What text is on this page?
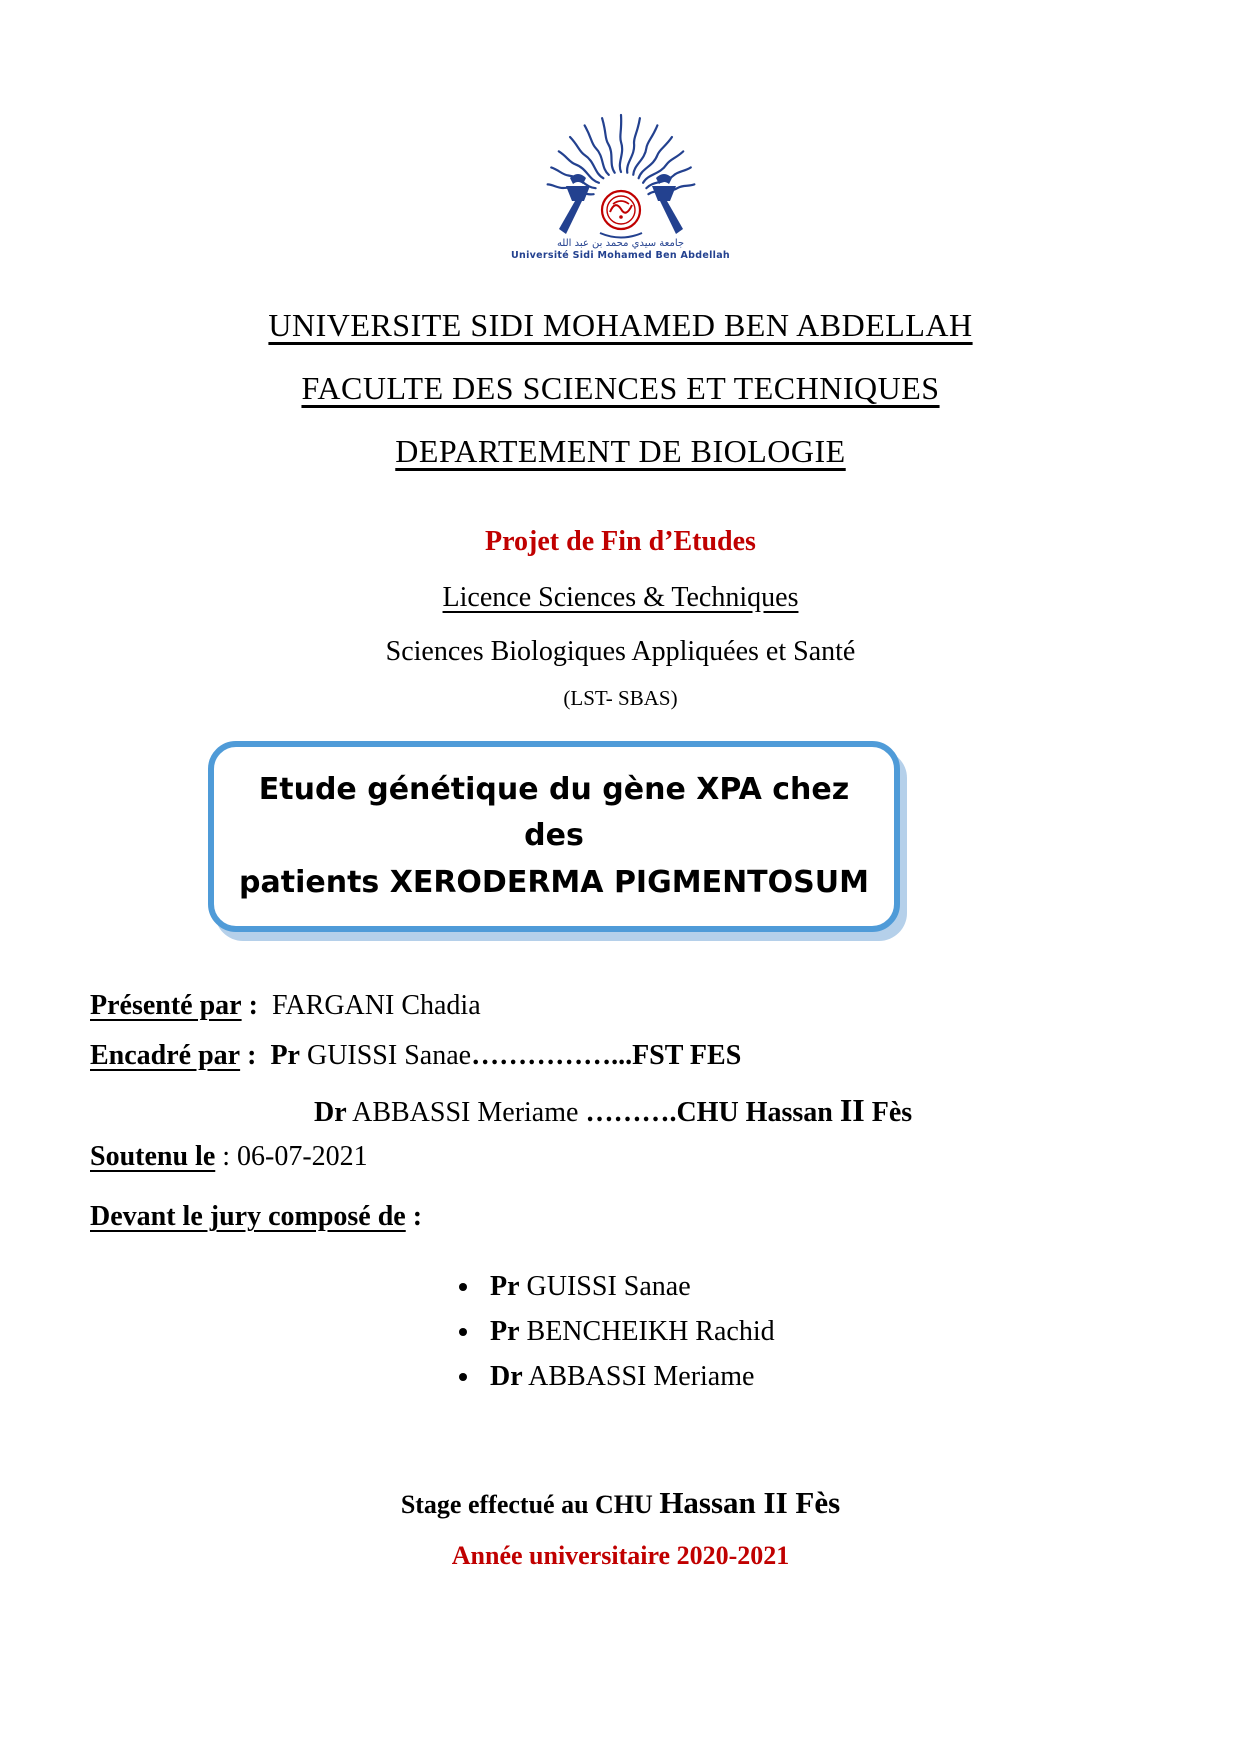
جامعة سيدي محمد بن عبد الله
Université Sidi Mohamed Ben Abdellah
UNIVERSITE SIDI MOHAMED BEN ABDELLAH
FACULTE DES SCIENCES ET TECHNIQUES
DEPARTEMENT DE BIOLOGIE
Projet de Fin d’Etudes
Licence Sciences & Techniques
Sciences Biologiques Appliquées et Santé
(LST- SBAS)
Etude génétique du gène XPA chez des
patients XERODERMA PIGMENTOSUM
Présenté par : FARGANI Chadia
Encadré par : Pr GUISSI Sanae……………...FST FES
Dr ABBASSI Meriame ……….CHU Hassan II Fès
Soutenu le : 06-07-2021
Devant le jury composé de :
• Pr GUISSI Sanae
• Pr BENCHEIKH Rachid
• Dr ABBASSI Meriame
Stage effectué au CHU Hassan II Fès
Année universitaire 2020-2021
